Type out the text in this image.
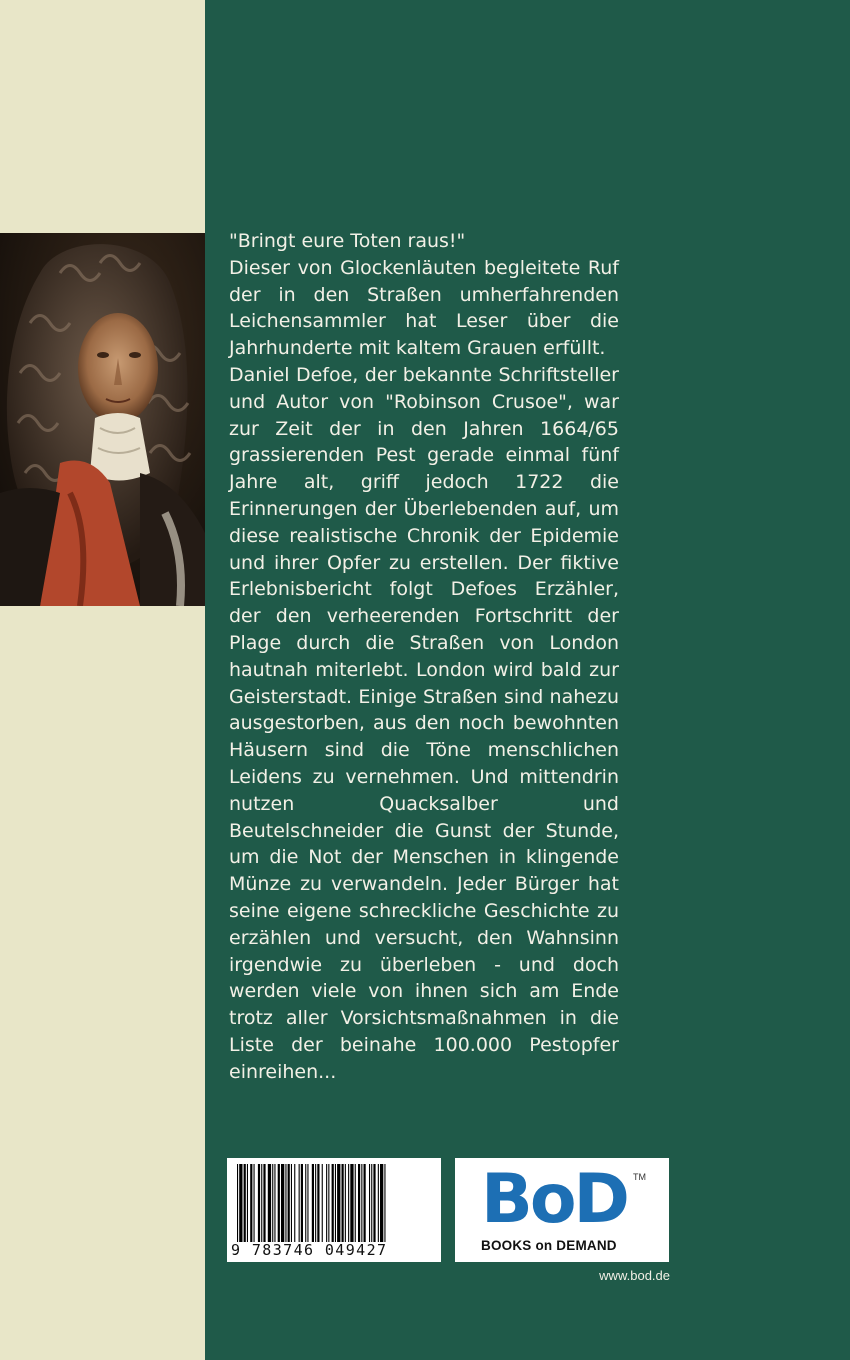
"Bringt eure Toten raus!"

Dieser von Glockenläuten begleitete Ruf der in den Straßen umherfahrenden Leichensammler hat Leser über die Jahrhunderte mit kaltem Grauen erfüllt.

Daniel Defoe, der bekannte Schriftsteller und Autor von "Robinson Crusoe", war zur Zeit der in den Jahren 1664/65 grassierenden Pest gerade einmal fünf Jahre alt, griff jedoch 1722 die Erinnerungen der Überlebenden auf, um diese realistische Chronik der Epidemie und ihrer Opfer zu erstellen. Der fiktive Erlebnisbericht folgt Defoes Erzähler, der den verheerenden Fortschritt der Plage durch die Straßen von London hautnah miterlebt. London wird bald zur Geisterstadt. Einige Straßen sind nahezu ausgestorben, aus den noch bewohnten Häusern sind die Töne menschlichen Leidens zu vernehmen. Und mittendrin nutzen Quacksalber und Beutelschneider die Gunst der Stunde, um die Not der Menschen in klingende Münze zu verwandeln. Jeder Bürger hat seine eigene schreckliche Geschichte zu erzählen und versucht, den Wahnsinn irgendwie zu überleben - und doch werden viele von ihnen sich am Ende trotz aller Vorsichtsmaßnahmen in die Liste der beinahe 100.000 Pestopfer einreihen...

9 783746 049427
BoD TM
BOOKS on DEMAND
www.bod.de
